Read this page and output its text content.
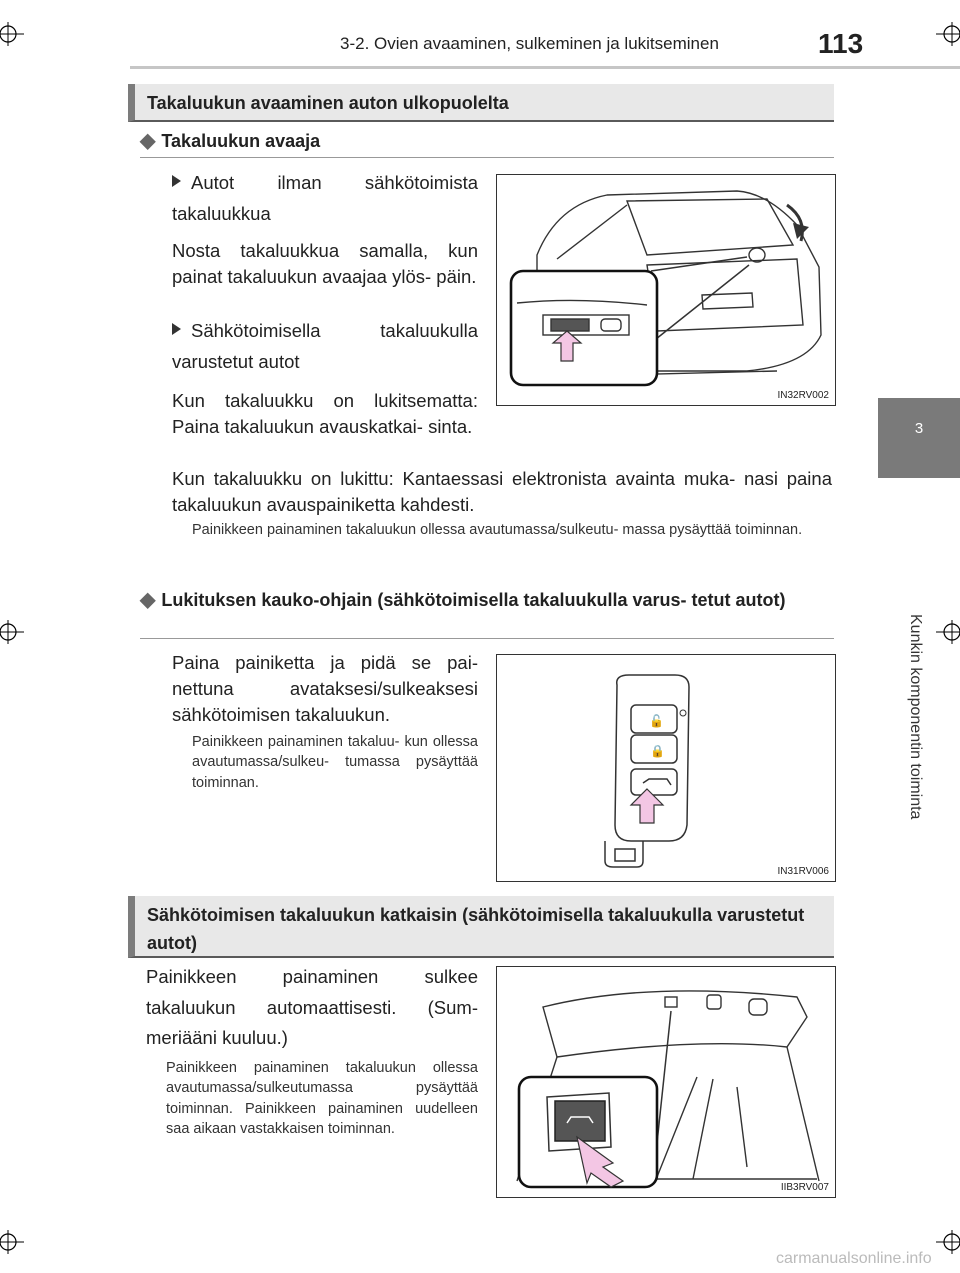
3-2. Ovien avaaminen, sulkeminen ja lukitseminen	113
3
Kunkin komponentin toiminta
Takaluukun avaaminen auton ulkopuolelta
◆ Takaluukun avaaja
Autot ilman sähkötoimista takaluukkua
Nosta takaluukkua samalla, kun painat takaluukun avaajaa ylös- päin.
Sähkötoimisella takaluukulla varustetut autot
Kun takaluukku on lukitsematta: Paina takaluukun avauskatkai- sinta.
Kun takaluukku on lukittu: Kantaessasi elektronista avainta muka- nasi paina takaluukun avauspainiketta kahdesti.
Painikkeen painaminen takaluukun ollessa avautumassa/sulkeutu- massa pysäyttää toiminnan.
IN32RV002
◆ Lukituksen kauko-ohjain (sähkötoimisella takaluukulla varus- tetut autot)
Paina painiketta ja pidä se pai- nettuna avataksesi/sulkeaksesi sähkötoimisen takaluukun.
Painikkeen painaminen takaluu- kun ollessa avautumassa/sulkeu- tumassa pysäyttää toiminnan.
🔓
🔒
IN31RV006
Sähkötoimisen takaluukun katkaisin (sähkötoimisella takaluukulla varustetut autot)
Painikkeen painaminen sulkee takaluukun automaattisesti. (Sum- meriääni kuuluu.)
Painikkeen painaminen takaluukun ollessa avautumassa/sulkeutumassa pysäyttää toiminnan. Painikkeen painaminen uudelleen saa aikaan vastakkaisen toiminnan.
IIB3RV007
carmanualsonline.info
